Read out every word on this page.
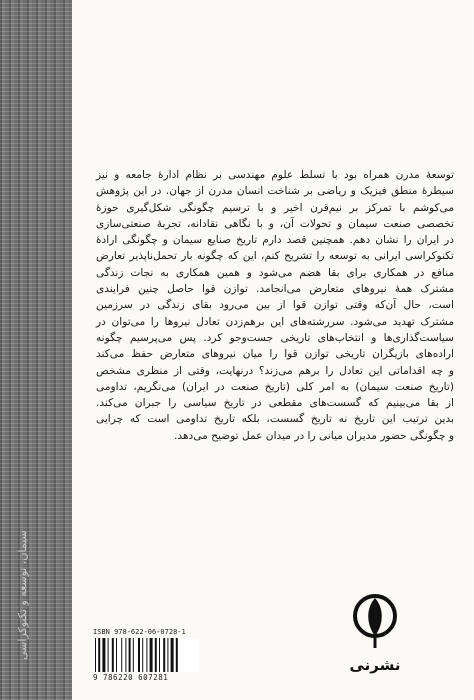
سیمان، توسعه و تکنوکراسی
توسعهٔ مدرن همراه بود با تسلط علوم مهندسی بر نظام ادارهٔ جامعه و نیز
سیطرهٔ منطق فیزیک و ریاضی بر شناخت انسان مدرن از جهان. در این پژوهش
می‌کوشم با تمرکز بر نیم‌قرن اخیر و با ترسیم چگونگی شکل‌گیری حوزهٔ
تخصصی صنعت سیمان و تحولات آن، و با نگاهی نقادانه، تجربهٔ صنعتی‌سازی
در ایران را نشان دهم. همچنین قصد دارم تاریخ صنایع سیمان و چگونگی ارادهٔ
تکنوکراسی ایرانی به توسعه را تشریح کنم، این که چگونه بار تحمل‌ناپذیر تعارض
منافع در همکاری برای بقا هضم می‌شود و همین همکاری به نجات زندگی
مشترک همهٔ نیروهای متعارض می‌انجامد. توازن قوا حاصل چنین فرایندی
است، حال آن‌که وقتی توازن قوا از بین می‌رود بقای زندگی در سرزمین
مشترک تهدید می‌شود. سررشته‌های این برهم‌زدن تعادل نیروها را می‌توان در
سیاست‌گذاری‌ها و انتخاب‌های تاریخی جست‌وجو کرد. پس می‌پرسیم چگونه
اراده‌های بازیگران تاریخی توازن قوا را میان نیروهای متعارض حفظ می‌کند
و چه اقداماتی این تعادل را برهم می‌زند؟ درنهایت، وقتی از منظری مشخص
(تاریخ صنعت سیمان) به امر کلی (تاریخ صنعت در ایران) می‌نگریم، تداومی
از بقا می‌بینیم که گسست‌های مقطعی در تاریخ سیاسی را جبران می‌کند.
بدین ترتیب این تاریخ نه تاریخ گسست، بلکه تاریخ تداومی است که چرایی
و چگونگی حضور مدیران میانی را در میدان عمل توضیح می‌دهد.
ISBN 978-622-06-0728-1
9 786220 607281
نشرنی
